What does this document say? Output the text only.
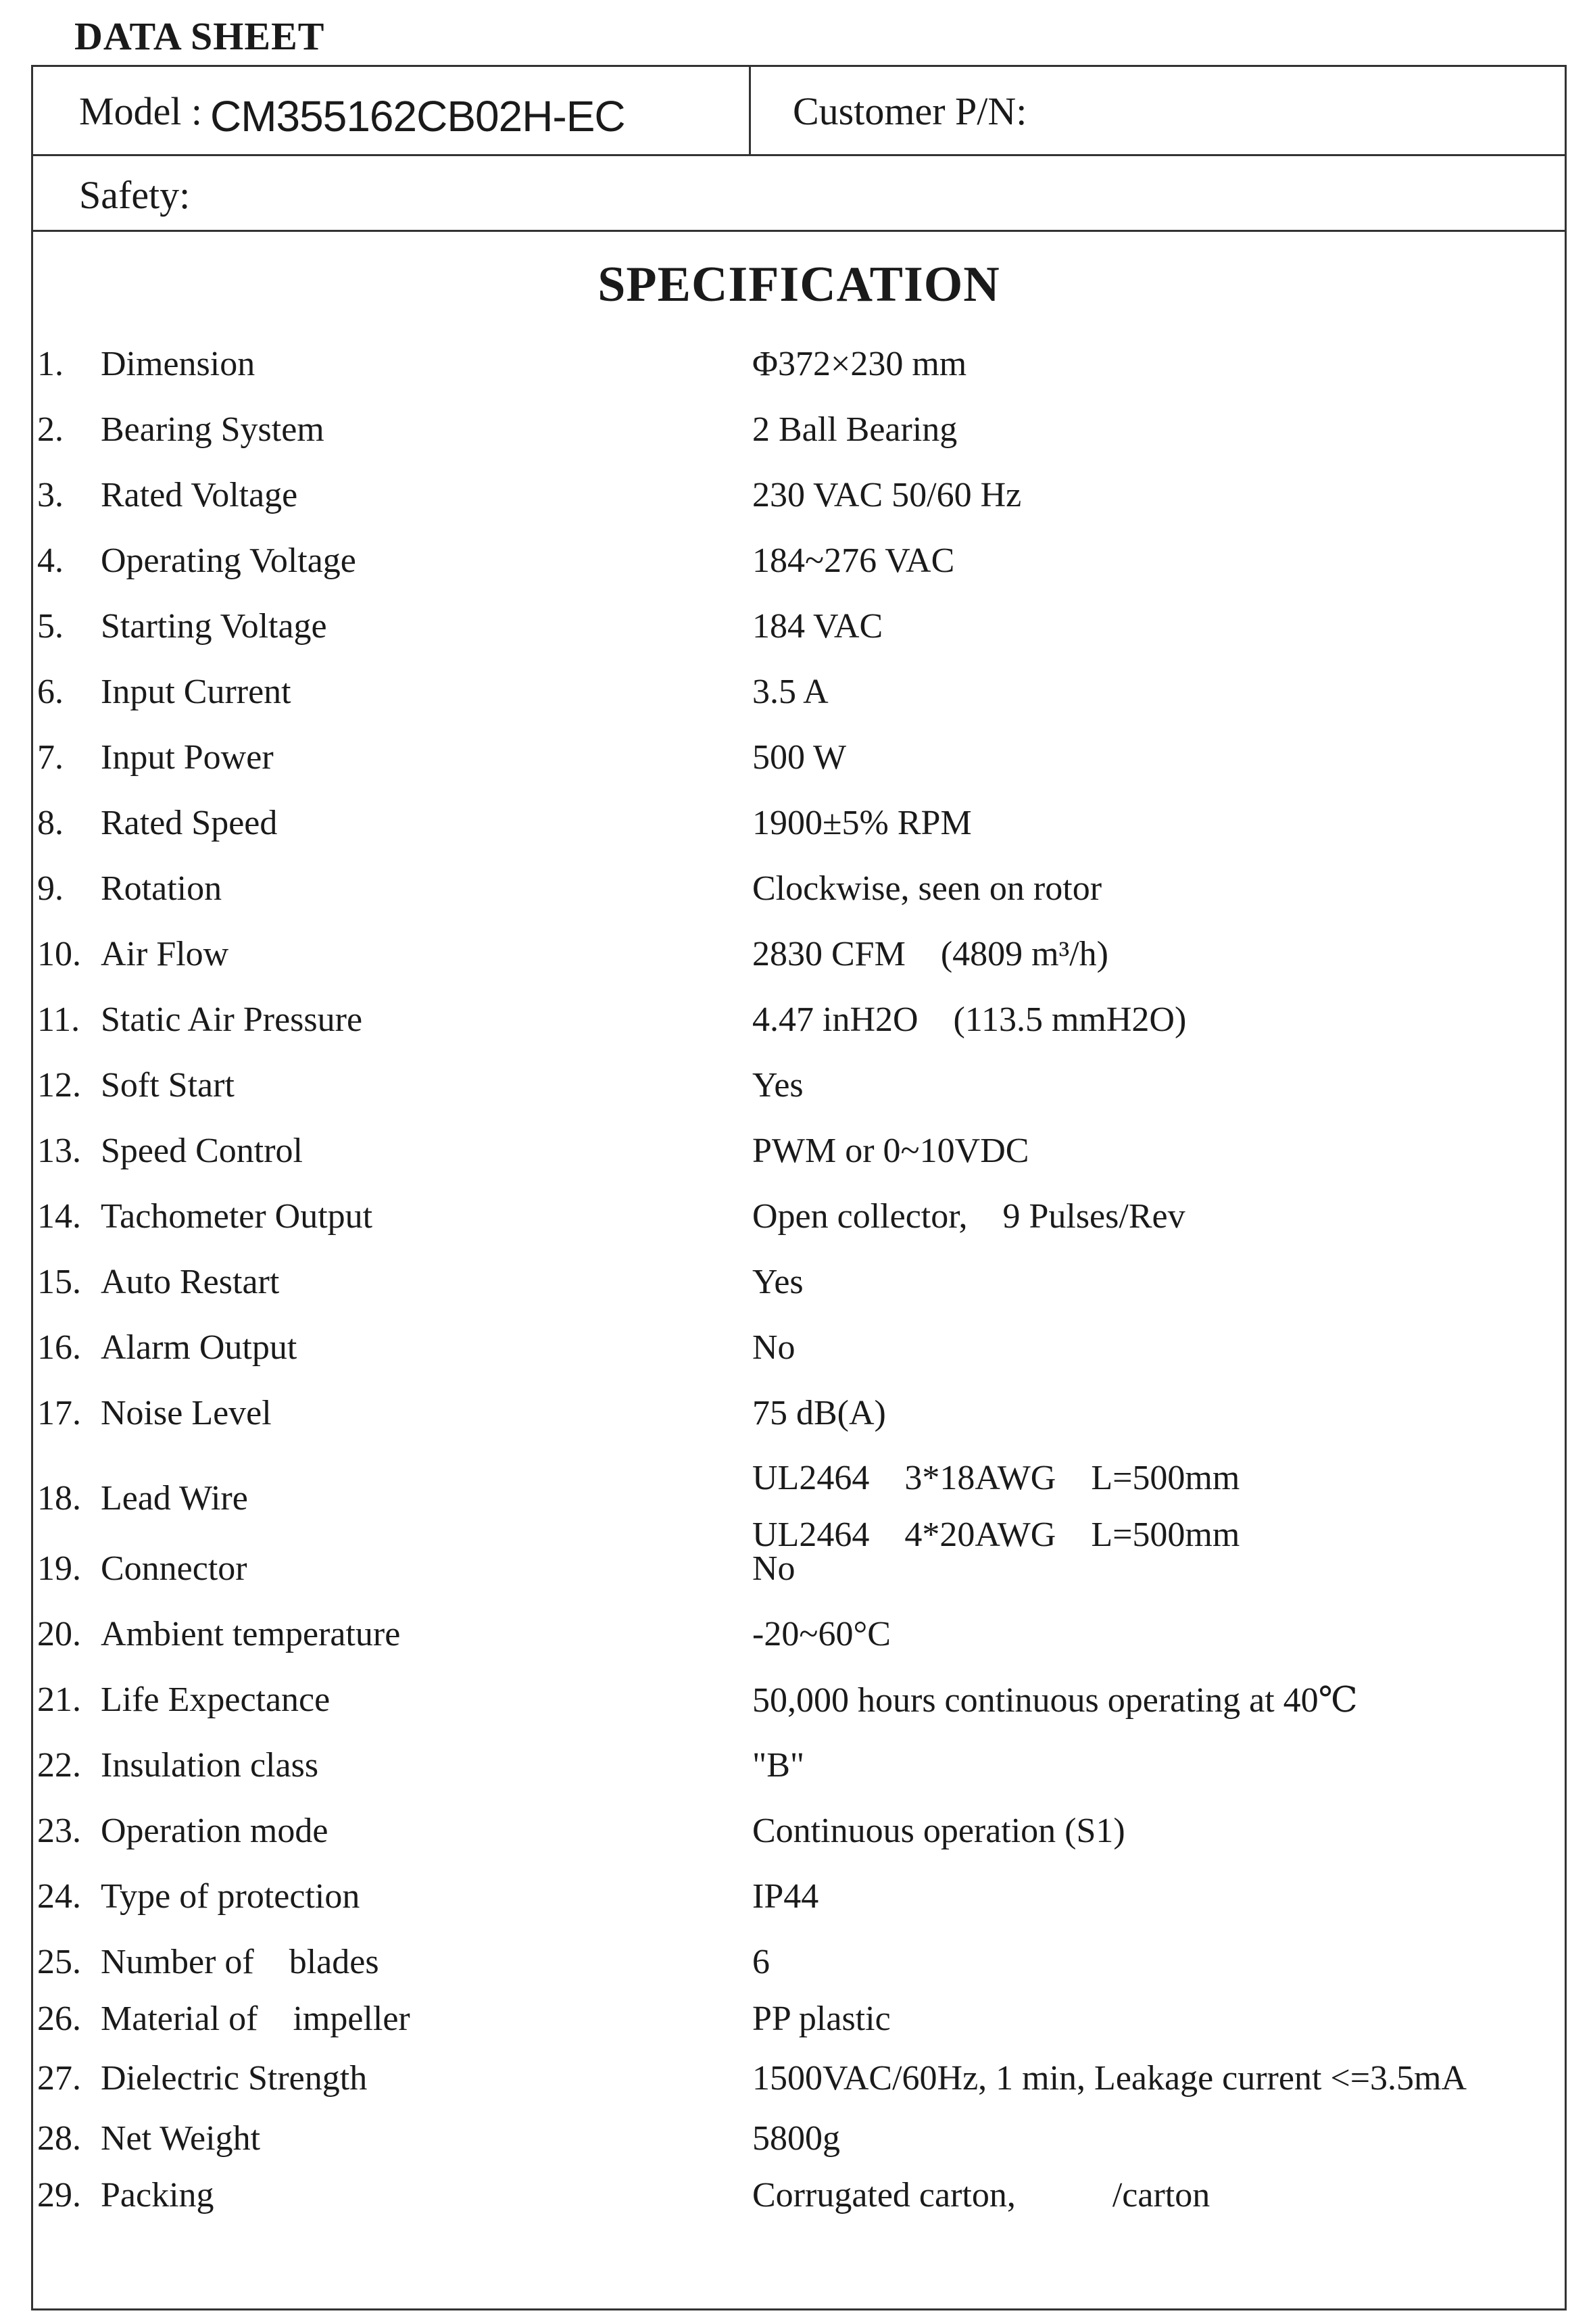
DATA SHEET
Model : CM355162CB02H-EC	Customer P/N:
Safety:
SPECIFICATION
1. Dimension	Φ372×230 mm
2. Bearing System	2 Ball Bearing
3. Rated Voltage	230 VAC 50/60 Hz
4. Operating Voltage	184~276 VAC
5. Starting Voltage	184 VAC
6. Input Current	3.5 A
7. Input Power	500 W
8. Rated Speed	1900±5% RPM
9. Rotation	Clockwise, seen on rotor
10. Air Flow	2830 CFM    (4809 m³/h)
11. Static Air Pressure	4.47 inH2O    (113.5 mmH2O)
12. Soft Start	Yes
13. Speed Control	PWM or 0~10VDC
14. Tachometer Output	Open collector,    9 Pulses/Rev
15. Auto Restart	Yes
16. Alarm Output	No
17. Noise Level	75 dB(A)
18. Lead Wire
UL2464    3*18AWG    L=500mm
UL2464    4*20AWG    L=500mm
19. Connector	No
20. Ambient temperature	-20~60°C
21. Life Expectance	50,000 hours continuous operating at 40℃
22. Insulation class	"B"
23. Operation mode	Continuous operation (S1)
24. Type of protection	IP44
25. Number of    blades	6
26. Material of    impeller	PP plastic
27. Dielectric Strength	1500VAC/60Hz, 1 min, Leakage current <=3.5mA
28. Net Weight	5800g
29. Packing	Corrugated carton,           /carton
